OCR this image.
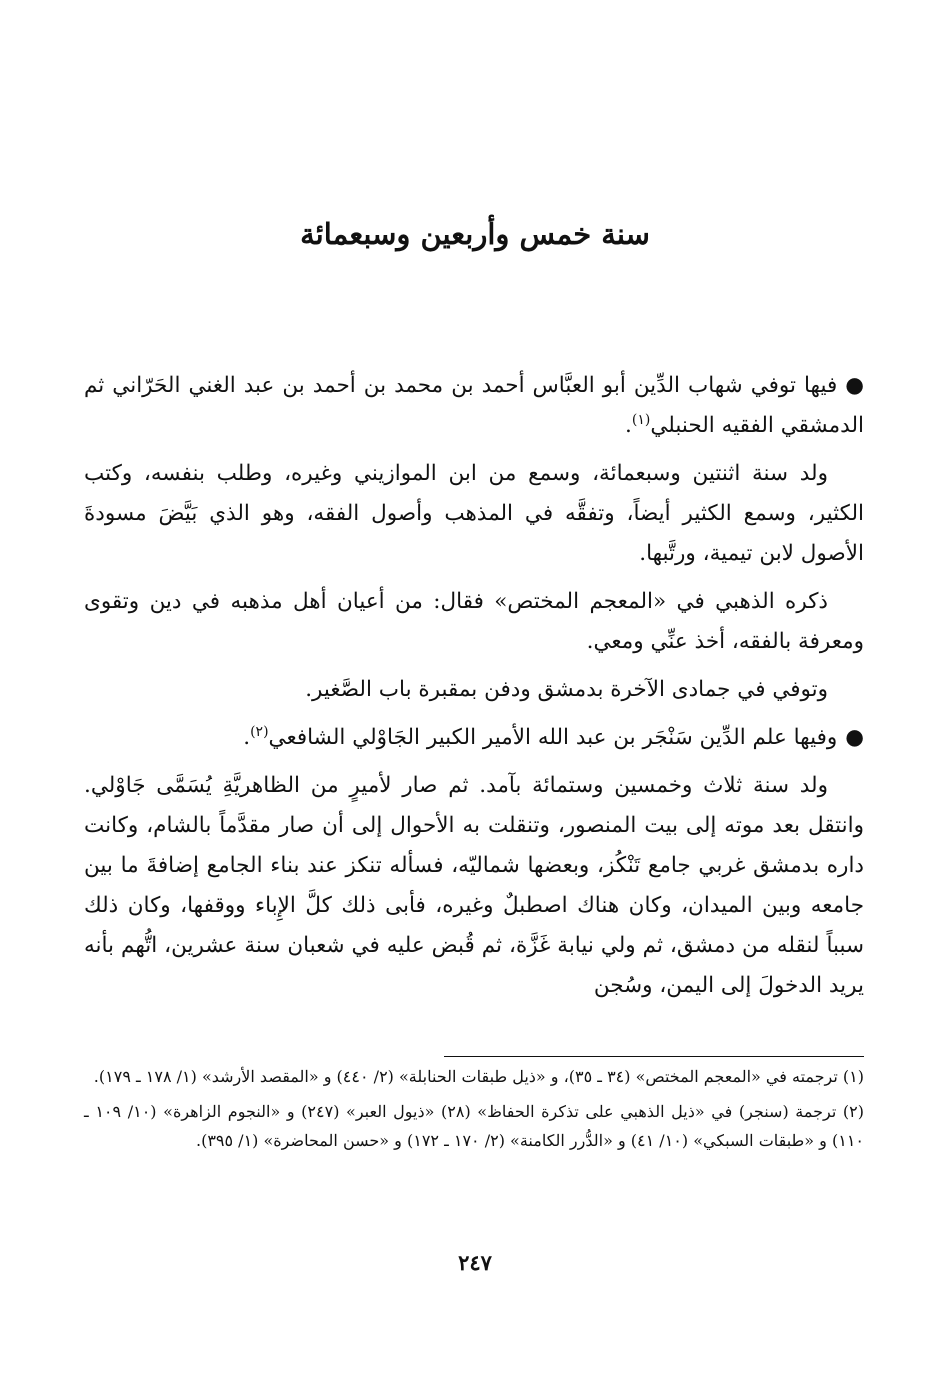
سنة خمس وأربعين وسبعمائة

●فيها توفي شهاب الدِّين أبو العبَّاس أحمد بن محمد بن أحمد بن عبد الغني الحَرّاني ثم الدمشقي الفقيه الحنبلي$^{(١)}$.

ولد سنة اثنتين وسبعمائة، وسمع من ابن الموازيني وغيره، وطلب بنفسه، وكتب الكثير، وسمع الكثير أيضاً، وتفقَّه في المذهب وأصول الفقه، وهو الذي بَيَّضَ مسودةَ الأصول لابن تيمية، ورتَّبها.

ذكره الذهبي في «المعجم المختص» فقال: من أعيان أهل مذهبه في دين وتقوى ومعرفة بالفقه، أخذ عنِّي ومعي.

وتوفي في جمادى الآخرة بدمشق ودفن بمقبرة باب الصَّغير.

●وفيها علم الدِّين سَنْجَر بن عبد الله الأمير الكبير الجَاوْلي الشافعي$^{(٢)}$.

ولد سنة ثلاث وخمسين وستمائة بآمد. ثم صار لأميرٍ من الظاهريَّةِ يُسَمَّى جَاوْلي. وانتقل بعد موته إلى بيت المنصور، وتنقلت به الأحوال إلى أن صار مقدَّماً بالشام، وكانت داره بدمشق غربي جامع تَنْكُز، وبعضها شماليّه، فسأله تنكز عند بناء الجامع إضافةَ ما بين جامعه وبين الميدان، وكان هناك اصطبلٌ وغيره، فأبى ذلك كلَّ الإِباء ووقفها، وكان ذلك سبباً لنقله من دمشق، ثم ولي نيابة غَزَّة، ثم قُبض عليه في شعبان سنة عشرين، اتُّهم بأنه يريد الدخولَ إلى اليمن، وسُجن

(١) ترجمته في «المعجم المختص» (٣٤ ـ ٣٥)، و «ذيل طبقات الحنابلة» (٢/ ٤٤٠) و «المقصد الأرشد» (١/ ١٧٨ ـ ١٧٩).

(٢) ترجمة (سنجر) في «ذيل الذهبي على تذكرة الحفاظ» (٢٨) «ذيول العبر» (٢٤٧) و «النجوم الزاهرة» (١٠/ ١٠٩ ـ ١١٠) و «طبقات السبكي» (١٠/ ٤١) و «الدُّرر الكامنة» (٢/ ١٧٠ ـ ١٧٢) و «حسن المحاضرة» (١/ ٣٩٥).

٢٤٧
